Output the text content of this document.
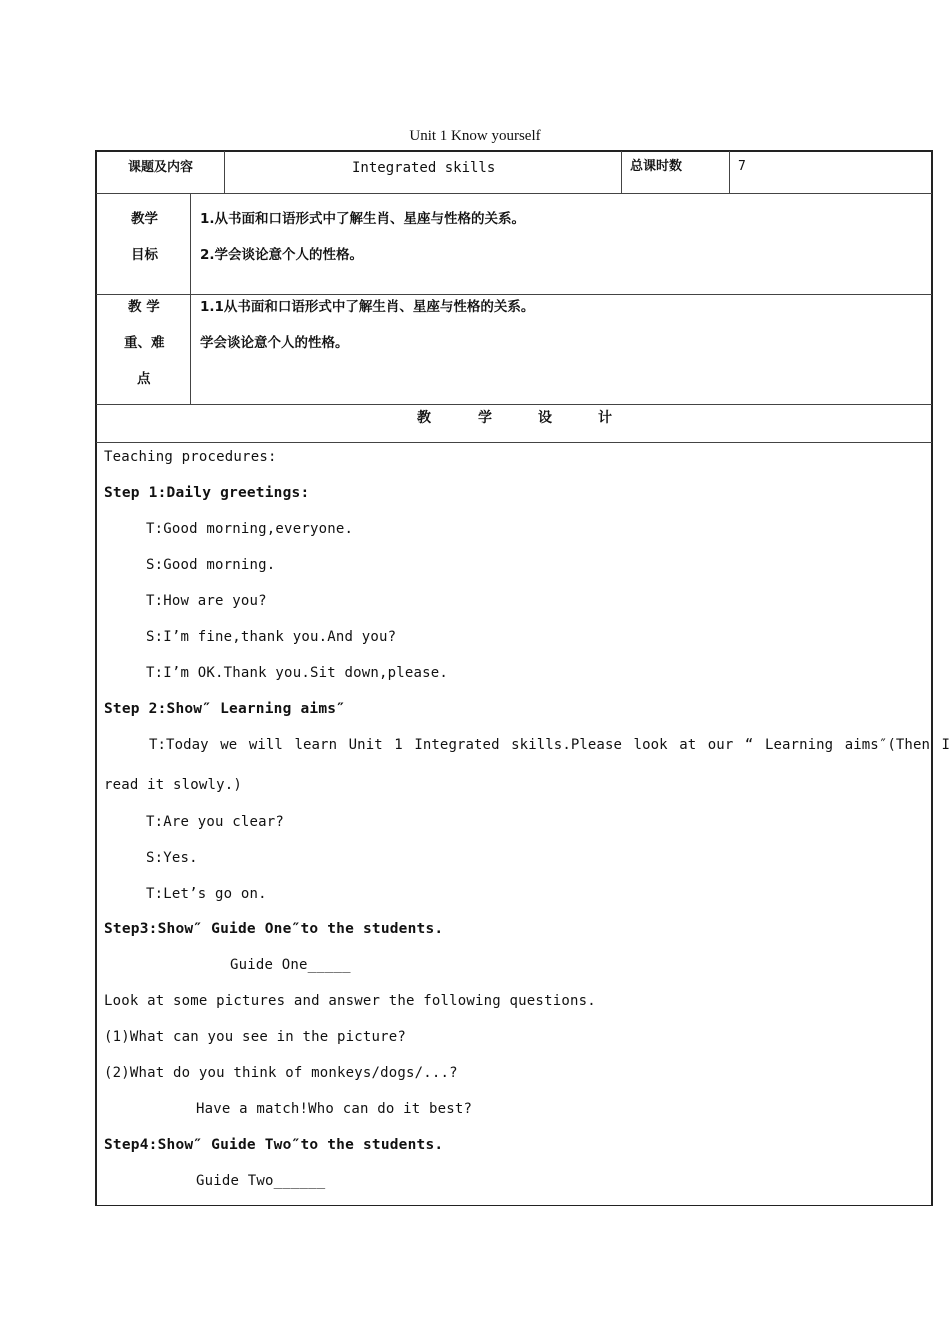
Unit 1 Know yourself
课题及内容	Integrated skills	总课时数	7
教学
目标
1.从书面和口语形式中了解生肖、星座与性格的关系。
2.学会谈论意个人的性格。
教 学
重、难
点
1.1从书面和口语形式中了解生肖、星座与性格的关系。
学会谈论意个人的性格。
教	学	设	计
Teaching procedures:
Step 1:Daily greetings:
T:Good morning,everyone.
S:Good morning.
T:How are you?
S:I’m fine,thank you.And you?
T:I’m OK.Thank you.Sit down,please.
Step 2:Show″ Learning aims″
T:Today we will learn Unit 1 Integrated skills.Please look at our “ Learning aims″(Then I
read it slowly.)
T:Are you clear?
S:Yes.
T:Let’s go on.
Step3:Show″ Guide One″to the students.
Guide One_____
Look at some pictures and answer the following questions.
(1)What can you see in the picture?
(2)What do you think of monkeys/dogs/...?
Have a match!Who can do it best?
Step4:Show″ Guide Two″to the students.
Guide Two______
